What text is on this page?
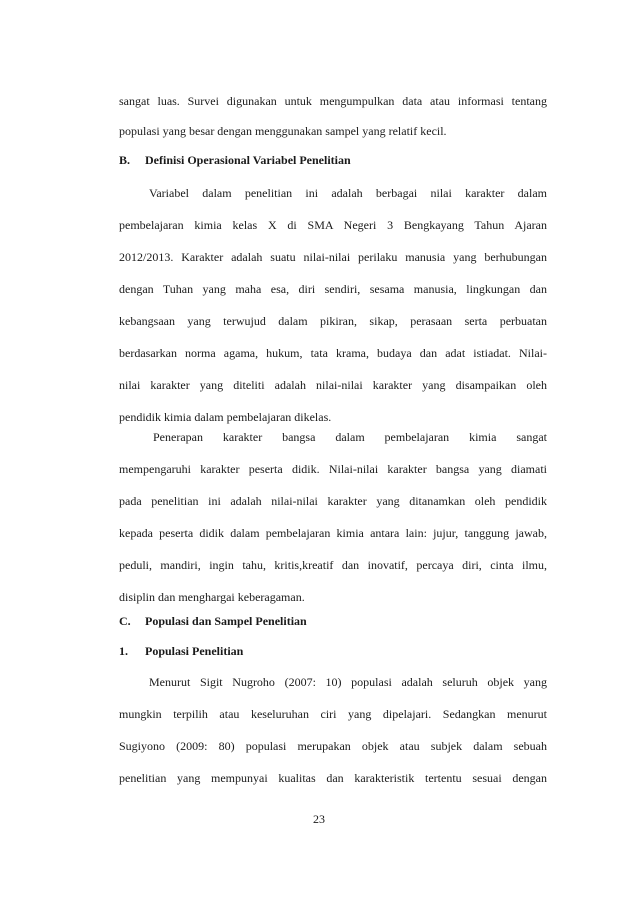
sangat luas. Survei digunakan untuk mengumpulkan data atau informasi tentang
populasi yang besar dengan menggunakan sampel yang relatif kecil.
B. Definisi Operasional Variabel Penelitian
Variabel dalam penelitian ini adalah berbagai nilai karakter dalam
pembelajaran kimia kelas X di SMA Negeri 3 Bengkayang Tahun Ajaran
2012/2013. Karakter adalah suatu nilai-nilai perilaku manusia yang berhubungan
dengan Tuhan yang maha esa, diri sendiri, sesama manusia, lingkungan dan
kebangsaan yang terwujud dalam pikiran, sikap, perasaan serta perbuatan
berdasarkan norma agama, hukum, tata krama, budaya dan adat istiadat. Nilai-
nilai karakter yang diteliti adalah nilai-nilai karakter yang disampaikan oleh
pendidik kimia dalam pembelajaran dikelas.
Penerapan karakter bangsa dalam pembelajaran kimia sangat
mempengaruhi karakter peserta didik. Nilai-nilai karakter bangsa yang diamati
pada penelitian ini adalah nilai-nilai karakter yang ditanamkan oleh pendidik
kepada peserta didik dalam pembelajaran kimia antara lain: jujur, tanggung jawab,
peduli, mandiri, ingin tahu, kritis,kreatif dan inovatif, percaya diri, cinta ilmu,
disiplin dan menghargai keberagaman.
C. Populasi dan Sampel Penelitian
1. Populasi Penelitian
Menurut Sigit Nugroho (2007: 10) populasi adalah seluruh objek yang
mungkin terpilih atau keseluruhan ciri yang dipelajari. Sedangkan menurut
Sugiyono (2009: 80) populasi merupakan objek atau subjek dalam sebuah
penelitian yang mempunyai kualitas dan karakteristik tertentu sesuai dengan
23
